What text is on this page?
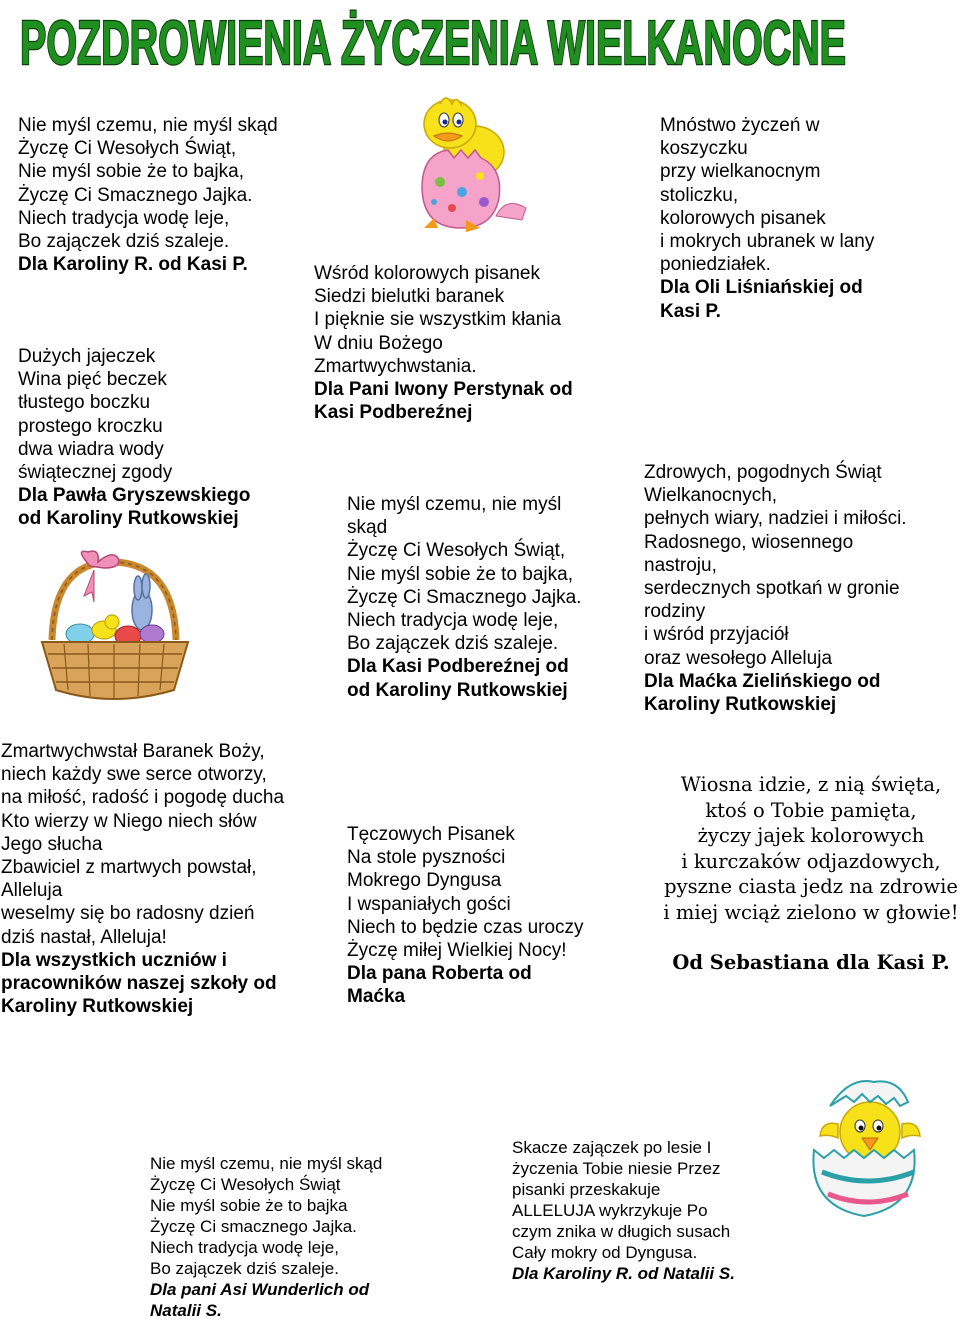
POZDROWIENIA ŻYCZENIA WIELKANOCNE
Nie myśl czemu, nie myśl skąd
Życzę Ci Wesołych Świąt,
Nie myśl sobie że to bajka,
Życzę Ci Smacznego Jajka.
Niech tradycja wodę leje,
Bo zajączek dziś szaleje.
Dla Karoliny R. od Kasi P.
Dużych jajeczek
Wina pięć beczek
tłustego boczku
prostego kroczku
dwa wiadra wody
świątecznej zgody
Dla Pawła Gryszewskiego
od Karoliny Rutkowskiej
Wśród kolorowych pisanek
Siedzi bielutki baranek
I pięknie sie wszystkim kłania
W dniu Bożego
Zmartwychwstania.
Dla Pani Iwony Perstynak od
Kasi Podbereźnej
Mnóstwo życzeń w
koszyczku
przy wielkanocnym
stoliczku,
kolorowych pisanek
i mokrych ubranek w lany
poniedziałek.
Dla Oli Liśniańskiej od
Kasi P.
Nie myśl czemu, nie myśl
skąd
Życzę Ci Wesołych Świąt,
Nie myśl sobie że to bajka,
Życzę Ci Smacznego Jajka.
Niech tradycja wodę leje,
Bo zajączek dziś szaleje.
Dla Kasi Podbereźnej od
od Karoliny Rutkowskiej
Zdrowych, pogodnych Świąt
Wielkanocnych,
pełnych wiary, nadziei i miłości.
Radosnego, wiosennego
nastroju,
serdecznych spotkań w gronie
rodziny
i wśród przyjaciół
oraz wesołego Alleluja
Dla Maćka Zielińskiego od
Karoliny Rutkowskiej
Zmartwychwstał Baranek Boży,
niech każdy swe serce otworzy,
na miłość, radość i pogodę ducha
Kto wierzy w Niego niech słów
Jego słucha
Zbawiciel z martwych powstał,
Alleluja
weselmy się bo radosny dzień
dziś nastał, Alleluja!
Dla wszystkich uczniów i
pracowników naszej szkoły od
Karoliny Rutkowskiej
Tęczowych Pisanek
Na stole pyszności
Mokrego Dyngusa
I wspaniałych gości
Niech to będzie czas uroczy
Życzę miłej Wielkiej Nocy!
Dla pana Roberta od
Maćka
Wiosna idzie, z nią święta,
ktoś o Tobie pamięta,
życzy jajek kolorowych
i kurczaków odjazdowych,
pyszne ciasta jedz na zdrowie
i miej wciąż zielono w głowie!
Od Sebastiana dla Kasi P.
Nie myśl czemu, nie myśl skąd
Życzę Ci Wesołych Świąt
Nie myśl sobie że to bajka
Życzę Ci smacznego Jajka.
Niech tradycja wodę leje,
Bo zajączek dziś szaleje.
Dla pani Asi Wunderlich od
Natalii S.
Skacze zajączek po lesie I
życzenia Tobie niesie Przez
pisanki przeskakuje
ALLELUJA wykrzykuje Po
czym znika w długich susach
Cały mokry od Dyngusa.
Dla Karoliny R. od Natalii S.
